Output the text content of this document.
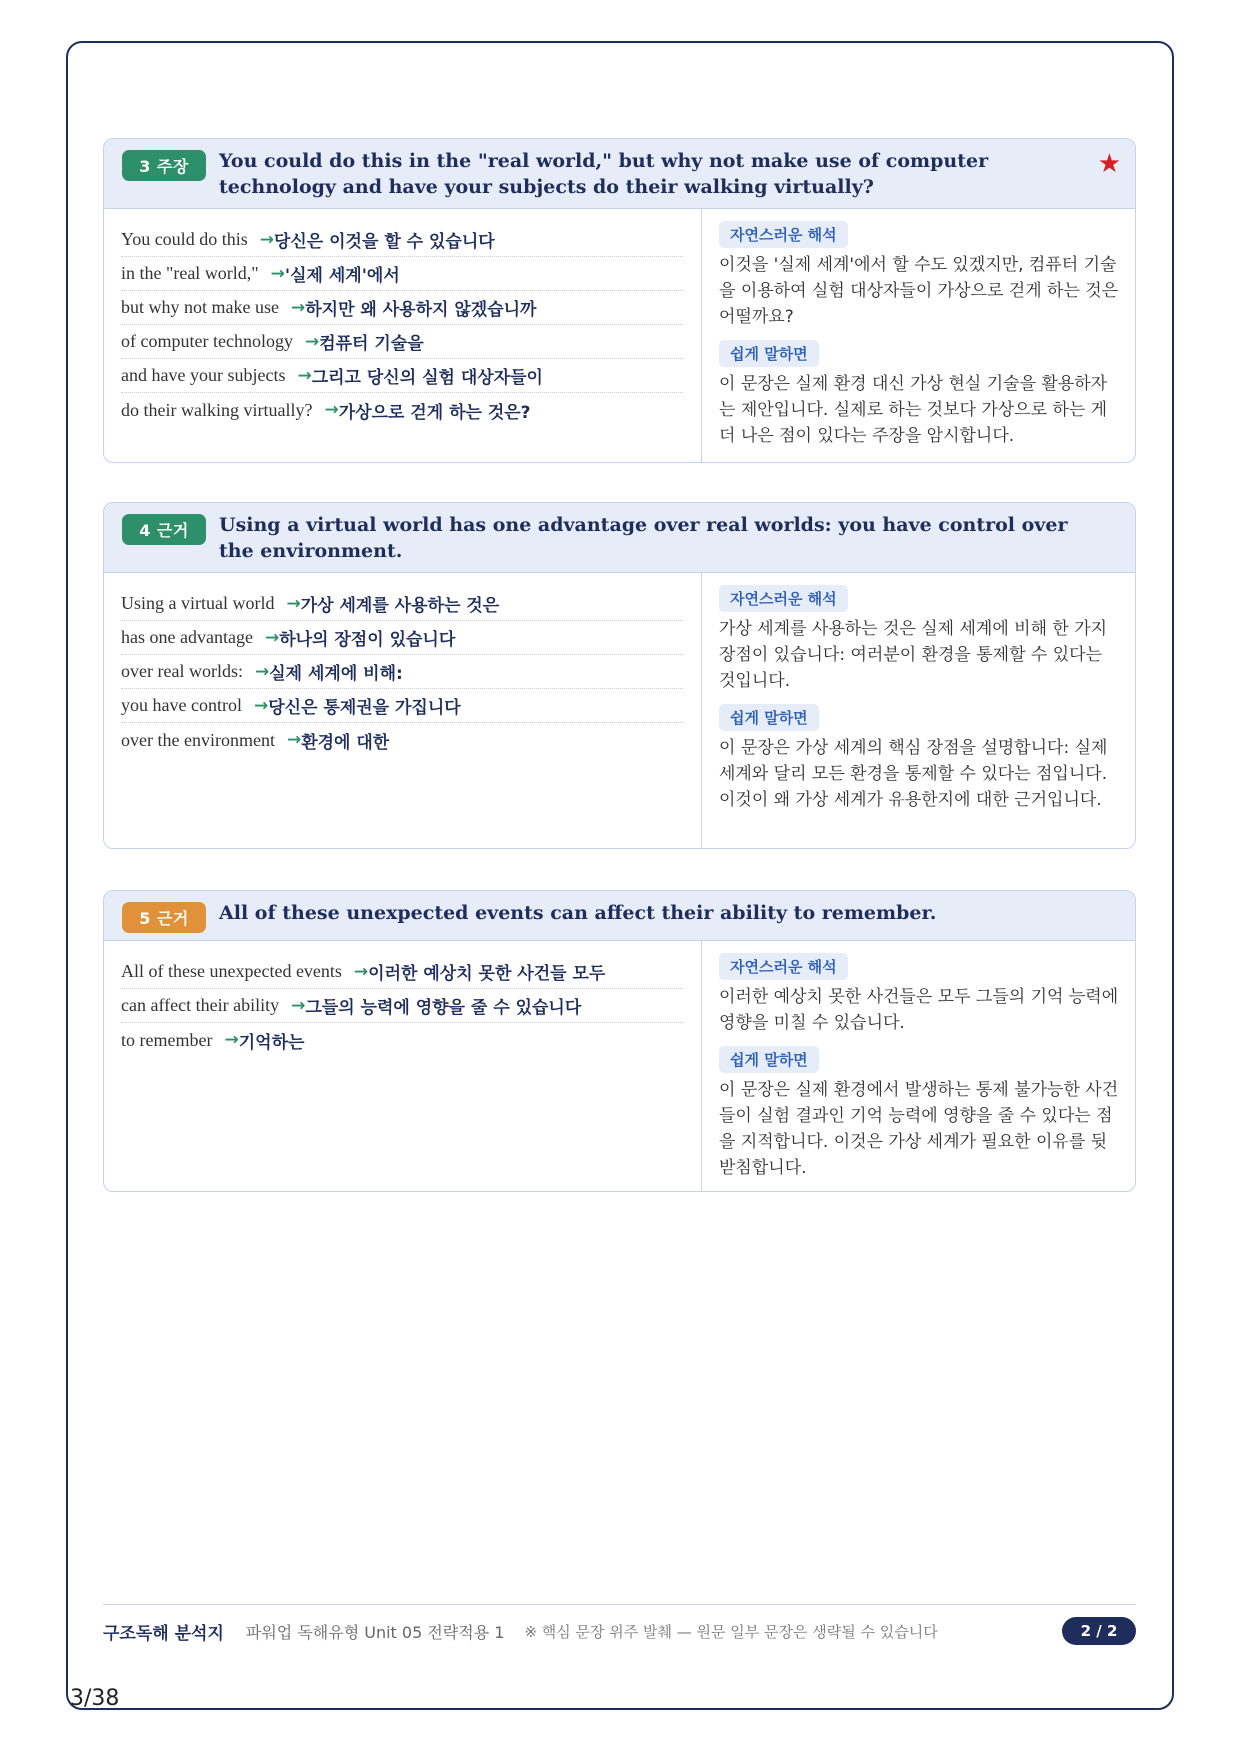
3 주장	You could do this in the "real world," but why not make use of computer technology and have your subjects do their walking virtually?
★
You could do this → 당신은 이것을 할 수 있습니다
in the "real world," → '실제 세계'에서
but why not make use → 하지만 왜 사용하지 않겠습니까
of computer technology → 컴퓨터 기술을
and have your subjects → 그리고 당신의 실험 대상자들이
do their walking virtually? → 가상으로 걷게 하는 것은?
자연스러운 해석
이것을 '실제 세계'에서 할 수도 있겠지만, 컴퓨터 기술을 이용하여 실험 대상자들이 가상으로 걷게 하는 것은 어떨까요?
쉽게 말하면
이 문장은 실제 환경 대신 가상 현실 기술을 활용하자는 제안입니다. 실제로 하는 것보다 가상으로 하는 게 더 나은 점이 있다는 주장을 암시합니다.
4 근거	Using a virtual world has one advantage over real worlds: you have control over the environment.
Using a virtual world → 가상 세계를 사용하는 것은
has one advantage → 하나의 장점이 있습니다
over real worlds: → 실제 세계에 비해:
you have control → 당신은 통제권을 가집니다
over the environment → 환경에 대한
자연스러운 해석
가상 세계를 사용하는 것은 실제 세계에 비해 한 가지 장점이 있습니다: 여러분이 환경을 통제할 수 있다는 것입니다.
쉽게 말하면
이 문장은 가상 세계의 핵심 장점을 설명합니다: 실제 세계와 달리 모든 환경을 통제할 수 있다는 점입니다. 이것이 왜 가상 세계가 유용한지에 대한 근거입니다.
5 근거	All of these unexpected events can affect their ability to remember.
All of these unexpected events → 이러한 예상치 못한 사건들 모두
can affect their ability → 그들의 능력에 영향을 줄 수 있습니다
to remember → 기억하는
자연스러운 해석
이러한 예상치 못한 사건들은 모두 그들의 기억 능력에 영향을 미칠 수 있습니다.
쉽게 말하면
이 문장은 실제 환경에서 발생하는 통제 불가능한 사건들이 실험 결과인 기억 능력에 영향을 줄 수 있다는 점을 지적합니다. 이것은 가상 세계가 필요한 이유를 뒷받침합니다.
구조독해 분석지 파워업 독해유형 Unit 05 전략적용 1 ※ 핵심 문장 위주 발췌 — 원문 일부 문장은 생략될 수 있습니다	2 / 2
3/38
